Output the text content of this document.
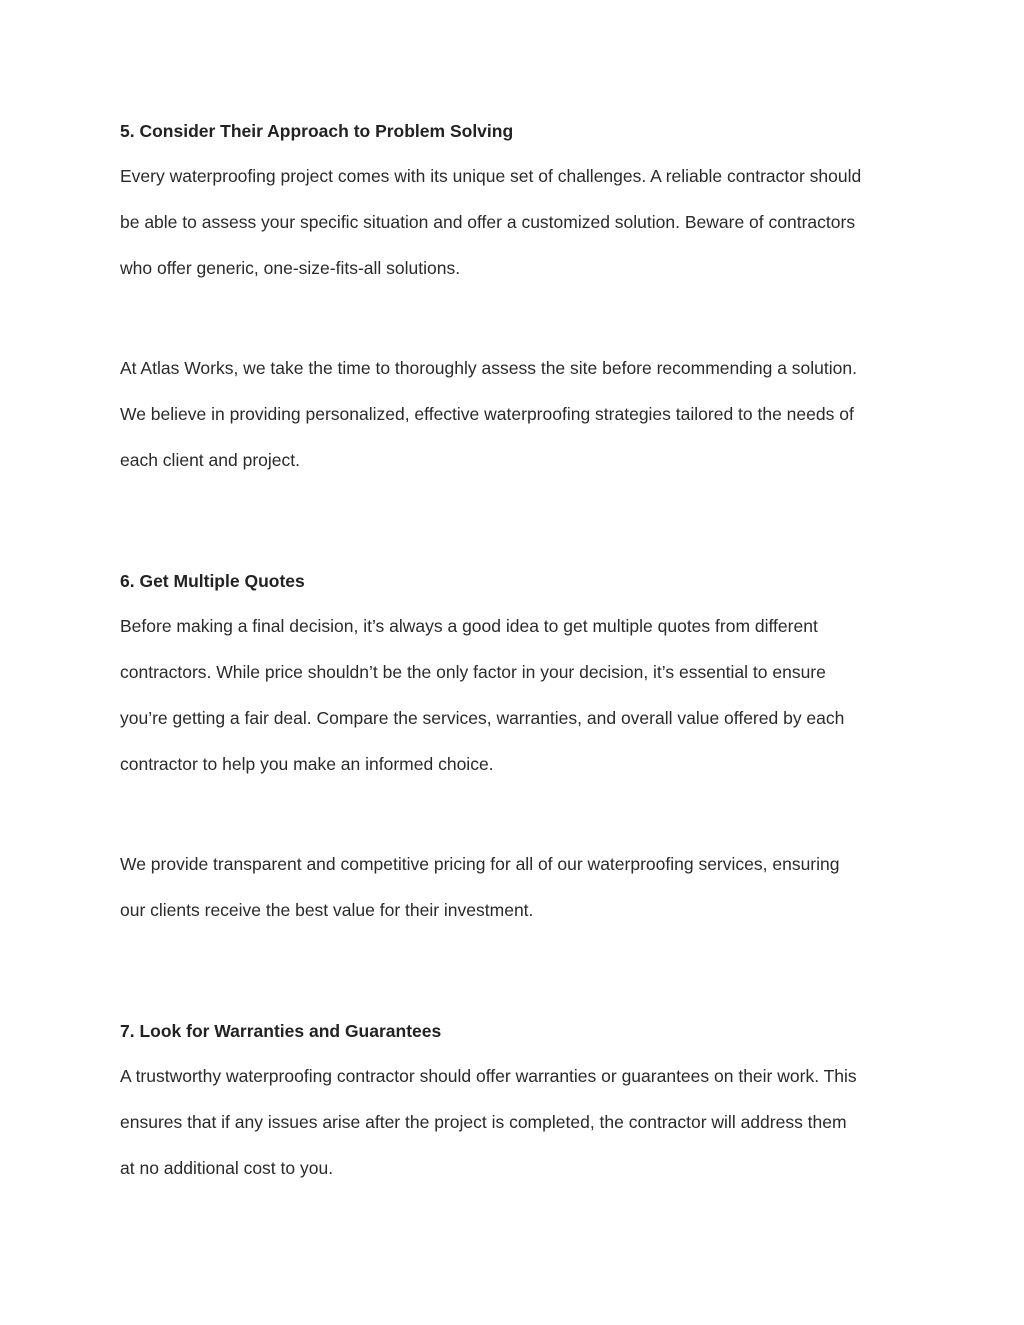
5. Consider Their Approach to Problem Solving
Every waterproofing project comes with its unique set of challenges. A reliable contractor should
be able to assess your specific situation and offer a customized solution. Beware of contractors
who offer generic, one-size-fits-all solutions.
At Atlas Works, we take the time to thoroughly assess the site before recommending a solution.
We believe in providing personalized, effective waterproofing strategies tailored to the needs of
each client and project.
6. Get Multiple Quotes
Before making a final decision, it’s always a good idea to get multiple quotes from different
contractors. While price shouldn’t be the only factor in your decision, it’s essential to ensure
you’re getting a fair deal. Compare the services, warranties, and overall value offered by each
contractor to help you make an informed choice.
We provide transparent and competitive pricing for all of our waterproofing services, ensuring
our clients receive the best value for their investment.
7. Look for Warranties and Guarantees
A trustworthy waterproofing contractor should offer warranties or guarantees on their work. This
ensures that if any issues arise after the project is completed, the contractor will address them
at no additional cost to you.
